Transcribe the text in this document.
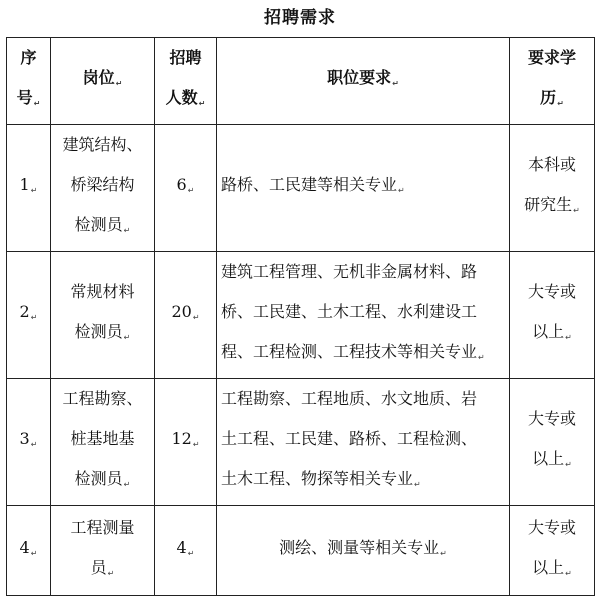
招聘需求
序
号↵	岗位↵	招聘
人数↵	职位要求↵	要求学
历↵

1↵	建筑结构、
桥梁结构
检测员↵	6↵	路桥、工民建等相关专业↵	本科或
研究生↵

2↵	常规材料
检测员↵	20↵	建筑工程管理、无机非金属材料、路
桥、工民建、土木工程、水利建设工
程、工程检测、工程技术等相关专业↵	大专或
以上↵

3↵	工程勘察、
桩基地基
检测员↵	12↵	工程勘察、工程地质、水文地质、岩
土工程、工民建、路桥、工程检测、
土木工程、物探等相关专业↵	大专或
以上↵

4↵	工程测量
员↵	4↵	测绘、测量等相关专业↵	大专或
以上↵
